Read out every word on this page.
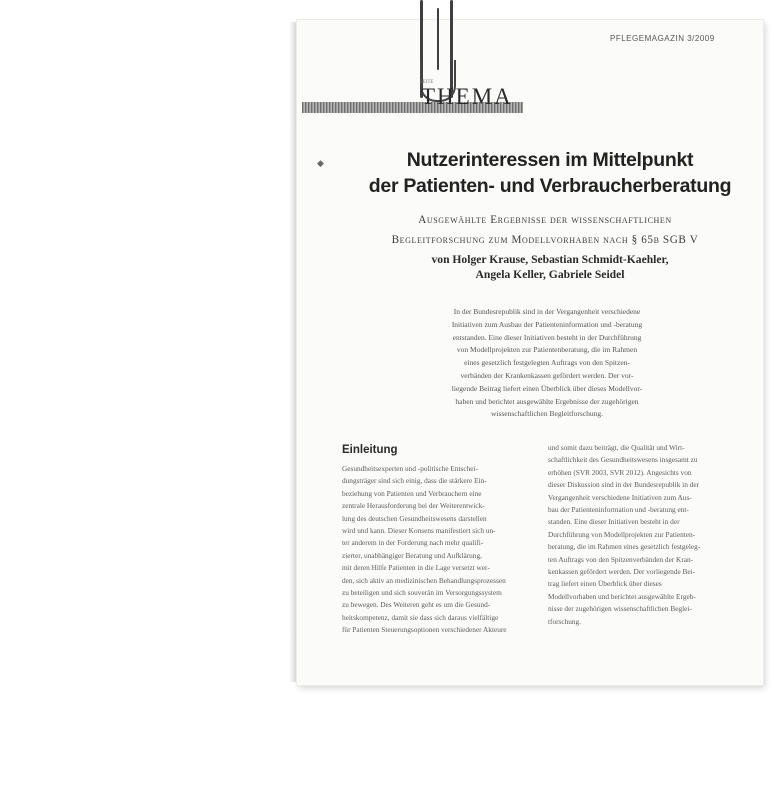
PFLEGEMAGAZIN 3/2009
SEITE
THEMA
◆	Nutzerinteressen im Mittelpunkt
der Patienten- und Verbraucherberatung
Ausgewählte Ergebnisse der wissenschaftlichen
Begleitforschung zum Modellvorhaben nach § 65b SGB V
von Holger Krause, Sebastian Schmidt-Kaehler,
Angela Keller, Gabriele Seidel
In der Bundesrepublik sind in der Vergangenheit verschiedene
Initiativen zum Ausbau der Patienteninformation und -beratung
entstanden. Eine dieser Initiativen besteht in der Durchführung
von Modellprojekten zur Patientenberatung, die im Rahmen
eines gesetzlich festgelegten Auftrags von den Spitzen-
verbänden der Krankenkassen gefördert werden. Der vor-
liegende Beitrag liefert einen Überblick über dieses Modellvor-
haben und berichtet ausgewählte Ergebnisse der zugehörigen
wissenschaftlichen Begleitforschung.
Einleitung
Gesundheitsexperten und -politische Entschei-
dungsträger sind sich einig, dass die stärkere Ein-
beziehung von Patienten und Verbrauchern eine
zentrale Herausforderung bei der Weiterentwick-
lung des deutschen Gesundheitswesens darstellen
wird und kann. Dieser Konsens manifestiert sich un-
ter anderem in der Forderung nach mehr qualifi-
zierter, unabhängiger Beratung und Aufklärung,
mit deren Hilfe Patienten in die Lage versetzt wer-
den, sich aktiv an medizinischen Behandlungsprozessen
zu beteiligen und sich souverän im Versorgungssystem
zu bewegen. Des Weiteren geht es um die Gesund-
heitskompetenz, damit sie dass sich daraus vielfältige
für Patienten Steuerungsoptionen verschiedener Akteure
und somit dazu beiträgt, die Qualität und Wirt-
schaftlichkeit des Gesundheitswesens insgesamt zu
erhöhen (SVR 2003, SVR 2012). Angesichts von
dieser Diskussion sind in der Bundesrepublik in der
Vergangenheit verschiedene Initiativen zum Aus-
bau der Patienteninformation und -beratung ent-
standen. Eine dieser Initiativen besteht in der
Durchführung von Modellprojekten zur Patienten-
beratung, die im Rahmen eines gesetzlich festgeleg-
ten Auftrags von den Spitzenverbänden der Kran-
kenkassen gefördert werden. Der vorliegende Bei-
trag liefert einen Überblick über dieses
Modellvorhaben und berichtet ausgewählte Ergeb-
nisse der zugehörigen wissenschaftlichen Beglei-
tforschung.
